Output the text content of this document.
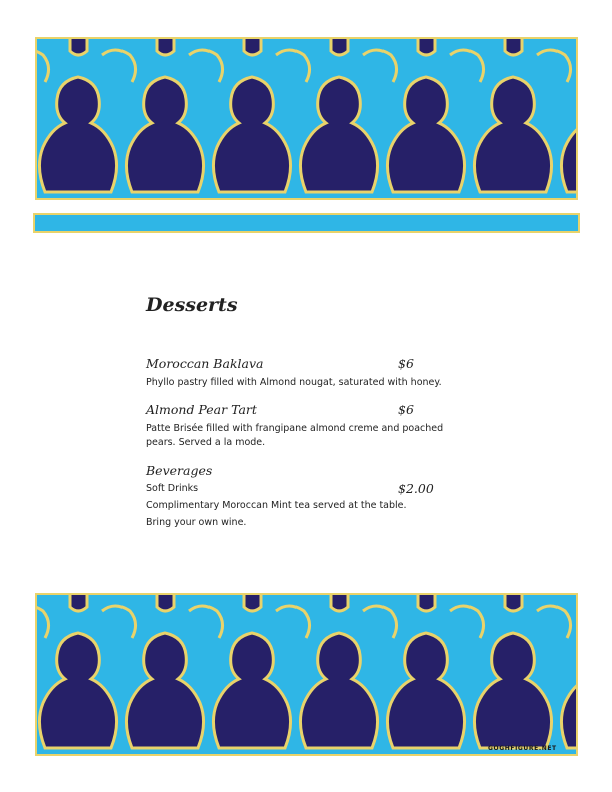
Desserts
Moroccan Baklava	$6
Phyllo pastry filled with Almond nougat, saturated with honey.
Almond Pear Tart	$6
Patte Brisée filled with frangipane almond creme and poached pears. Served a la mode.
Beverages
Soft Drinks	$2.00
Complimentary Moroccan Mint tea served at the table.
Bring your own wine.
GOGHFIGURE.NET
